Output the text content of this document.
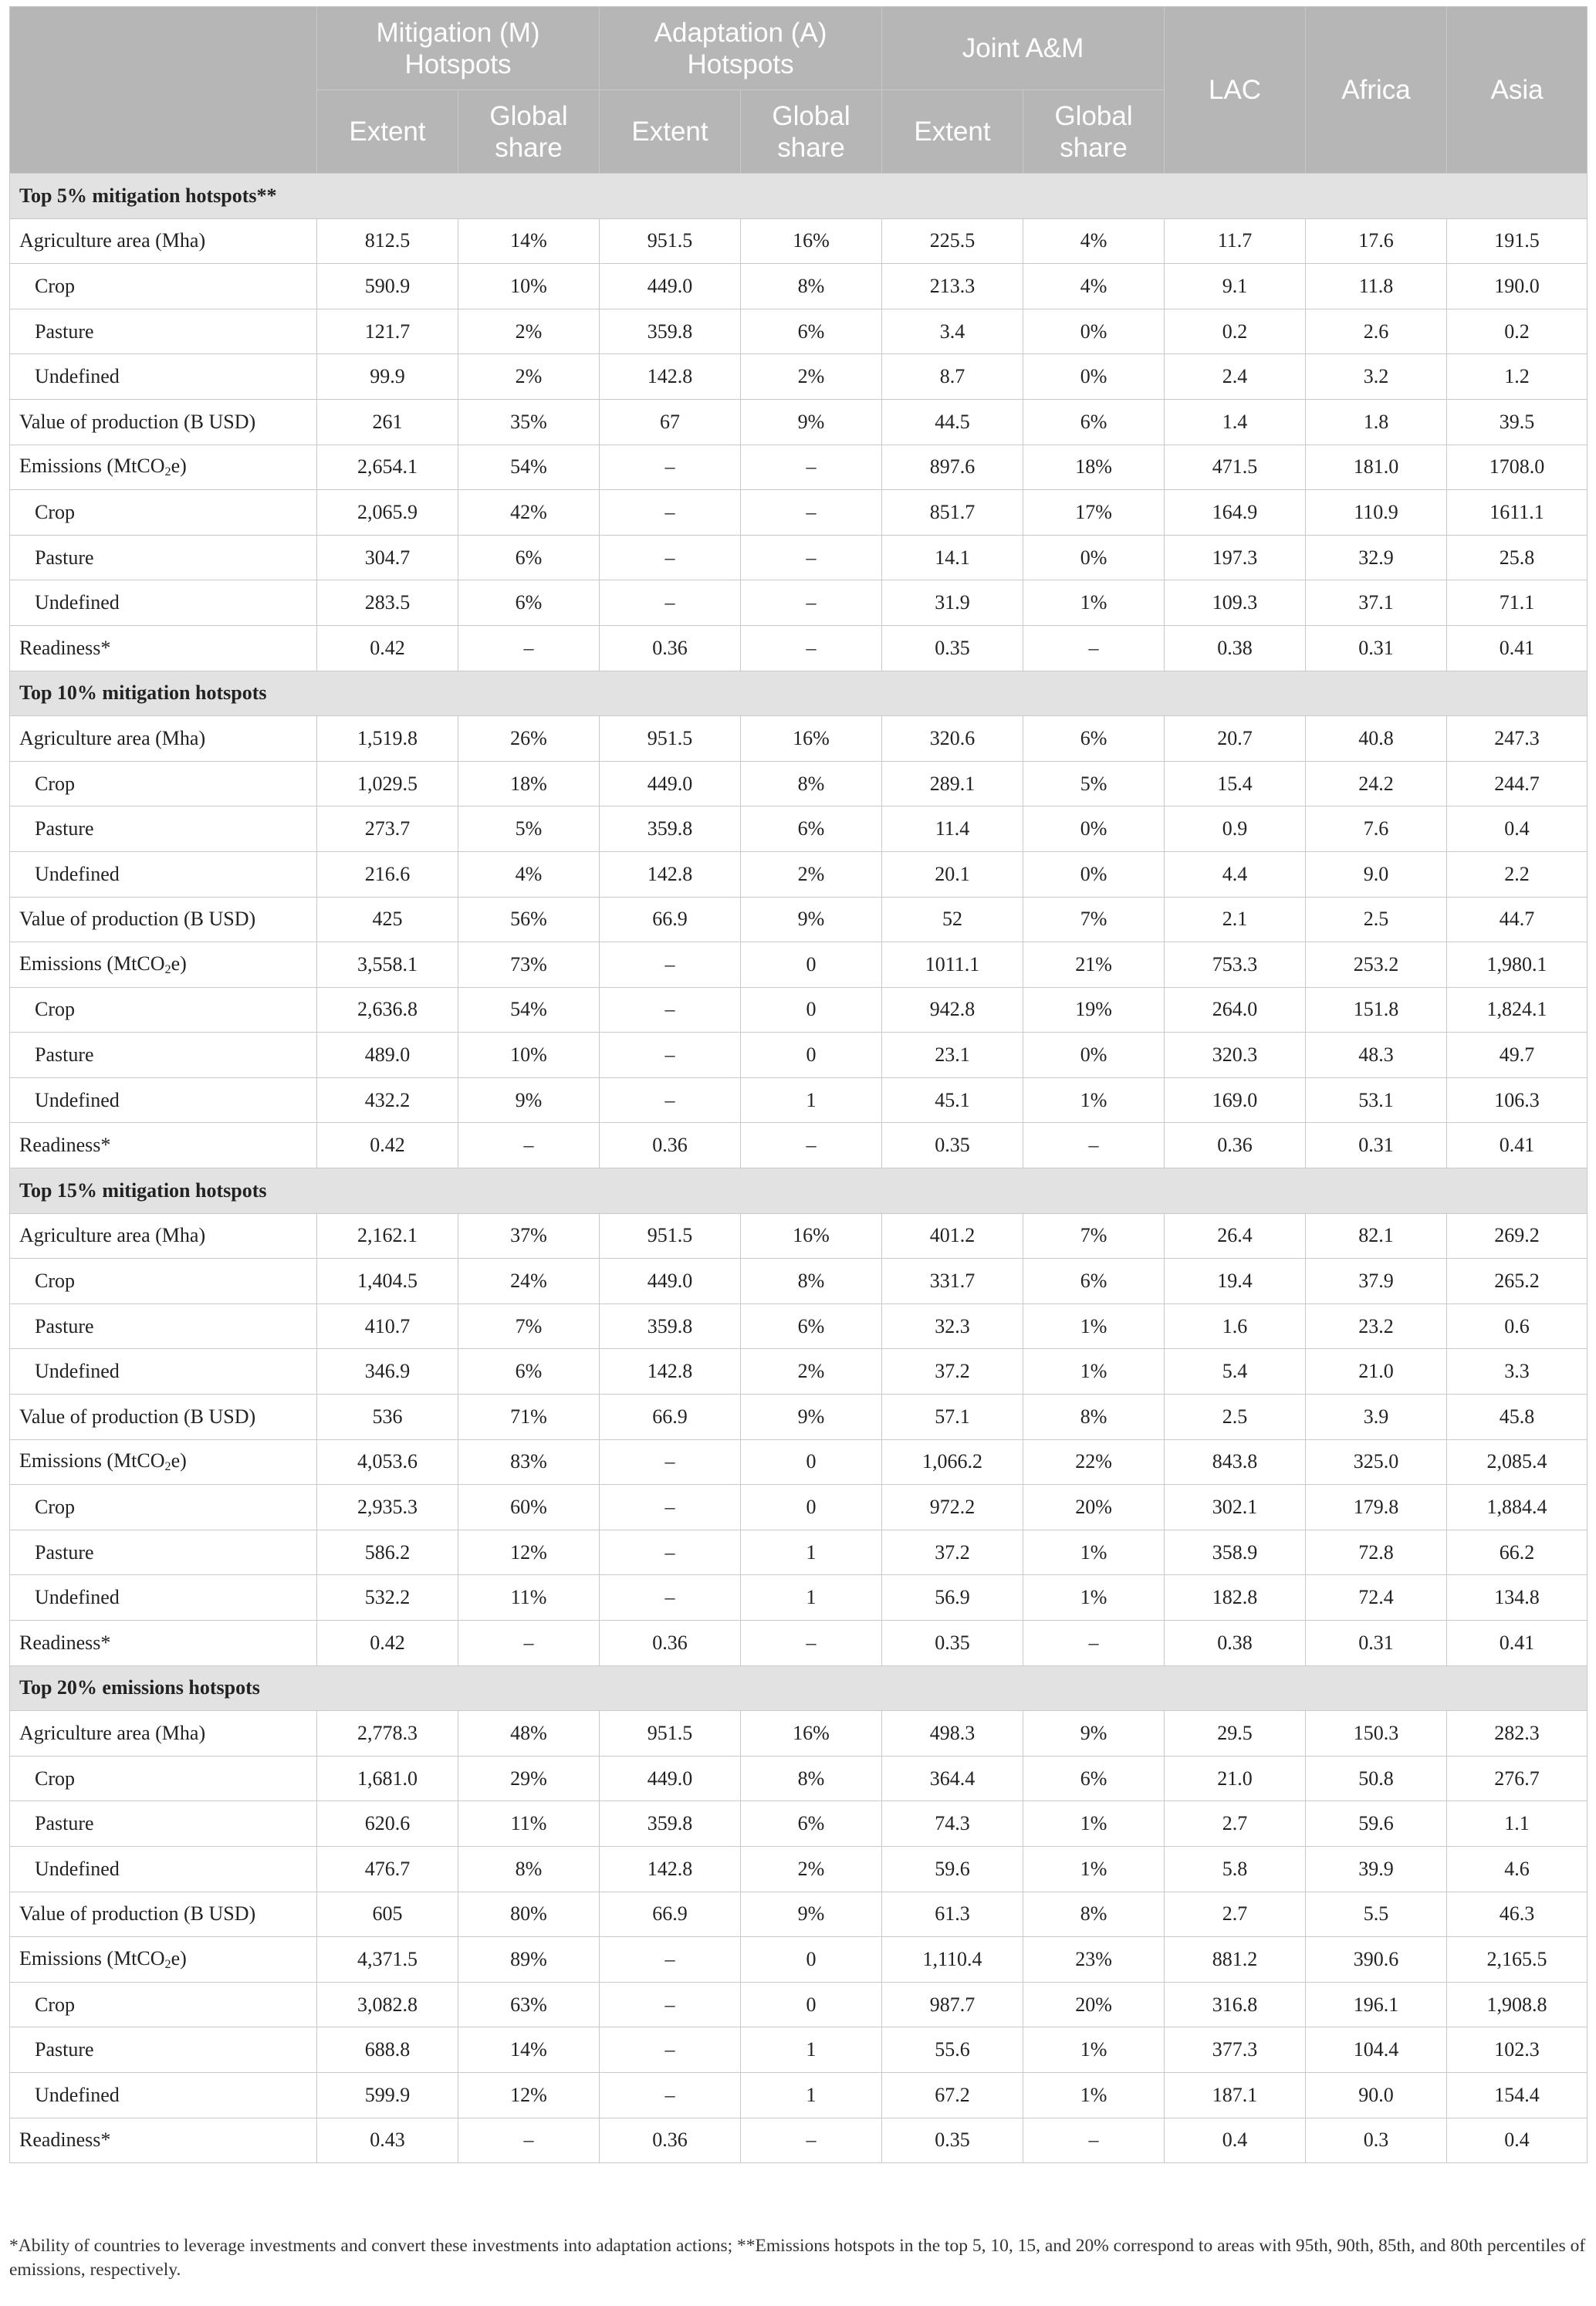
	Mitigation (M) Hotspots		Adaptation (A) Hotspots		Joint A&M		LAC	Africa	Asia
	Extent	Global share	Extent	Global share	Extent	Global share			
Top 5% mitigation hotspots**									
Agriculture area (Mha)	812.5	14%	951.5	16%	225.5	4%	11.7	17.6	191.5
Crop	590.9	10%	449.0	8%	213.3	4%	9.1	11.8	190.0
Pasture	121.7	2%	359.8	6%	3.4	0%	0.2	2.6	0.2
Undefined	99.9	2%	142.8	2%	8.7	0%	2.4	3.2	1.2
Value of production (B USD)	261	35%	67	9%	44.5	6%	1.4	1.8	39.5
Emissions (MtCO$_2$e)	2,654.1	54%	–	–	897.6	18%	471.5	181.0	1708.0
Crop	2,065.9	42%	–	–	851.7	17%	164.9	110.9	1611.1
Pasture	304.7	6%	–	–	14.1	0%	197.3	32.9	25.8
Undefined	283.5	6%	–	–	31.9	1%	109.3	37.1	71.1
Readiness*	0.42	–	0.36	–	0.35	–	0.38	0.31	0.41
Top 10% mitigation hotspots									
Agriculture area (Mha)	1,519.8	26%	951.5	16%	320.6	6%	20.7	40.8	247.3
Crop	1,029.5	18%	449.0	8%	289.1	5%	15.4	24.2	244.7
Pasture	273.7	5%	359.8	6%	11.4	0%	0.9	7.6	0.4
Undefined	216.6	4%	142.8	2%	20.1	0%	4.4	9.0	2.2
Value of production (B USD)	425	56%	66.9	9%	52	7%	2.1	2.5	44.7
Emissions (MtCO$_2$e)	3,558.1	73%	–	0	1011.1	21%	753.3	253.2	1,980.1
Crop	2,636.8	54%	–	0	942.8	19%	264.0	151.8	1,824.1
Pasture	489.0	10%	–	0	23.1	0%	320.3	48.3	49.7
Undefined	432.2	9%	–	1	45.1	1%	169.0	53.1	106.3
Readiness*	0.42	–	0.36	–	0.35	–	0.36	0.31	0.41
Top 15% mitigation hotspots									
Agriculture area (Mha)	2,162.1	37%	951.5	16%	401.2	7%	26.4	82.1	269.2
Crop	1,404.5	24%	449.0	8%	331.7	6%	19.4	37.9	265.2
Pasture	410.7	7%	359.8	6%	32.3	1%	1.6	23.2	0.6
Undefined	346.9	6%	142.8	2%	37.2	1%	5.4	21.0	3.3
Value of production (B USD)	536	71%	66.9	9%	57.1	8%	2.5	3.9	45.8
Emissions (MtCO$_2$e)	4,053.6	83%	–	0	1,066.2	22%	843.8	325.0	2,085.4
Crop	2,935.3	60%	–	0	972.2	20%	302.1	179.8	1,884.4
Pasture	586.2	12%	–	1	37.2	1%	358.9	72.8	66.2
Undefined	532.2	11%	–	1	56.9	1%	182.8	72.4	134.8
Readiness*	0.42	–	0.36	–	0.35	–	0.38	0.31	0.41
Top 20% emissions hotspots									
Agriculture area (Mha)	2,778.3	48%	951.5	16%	498.3	9%	29.5	150.3	282.3
Crop	1,681.0	29%	449.0	8%	364.4	6%	21.0	50.8	276.7
Pasture	620.6	11%	359.8	6%	74.3	1%	2.7	59.6	1.1
Undefined	476.7	8%	142.8	2%	59.6	1%	5.8	39.9	4.6
Value of production (B USD)	605	80%	66.9	9%	61.3	8%	2.7	5.5	46.3
Emissions (MtCO$_2$e)	4,371.5	89%	–	0	1,110.4	23%	881.2	390.6	2,165.5
Crop	3,082.8	63%	–	0	987.7	20%	316.8	196.1	1,908.8
Pasture	688.8	14%	–	1	55.6	1%	377.3	104.4	102.3
Undefined	599.9	12%	–	1	67.2	1%	187.1	90.0	154.4
Readiness*	0.43	–	0.36	–	0.35	–	0.4	0.3	0.4
*Ability of countries to leverage investments and convert these investments into adaptation actions; **Emissions hotspots in the top 5, 10, 15, and 20% correspond to areas with 95th, 90th, 85th, and 80th percentiles of emissions, respectively.
